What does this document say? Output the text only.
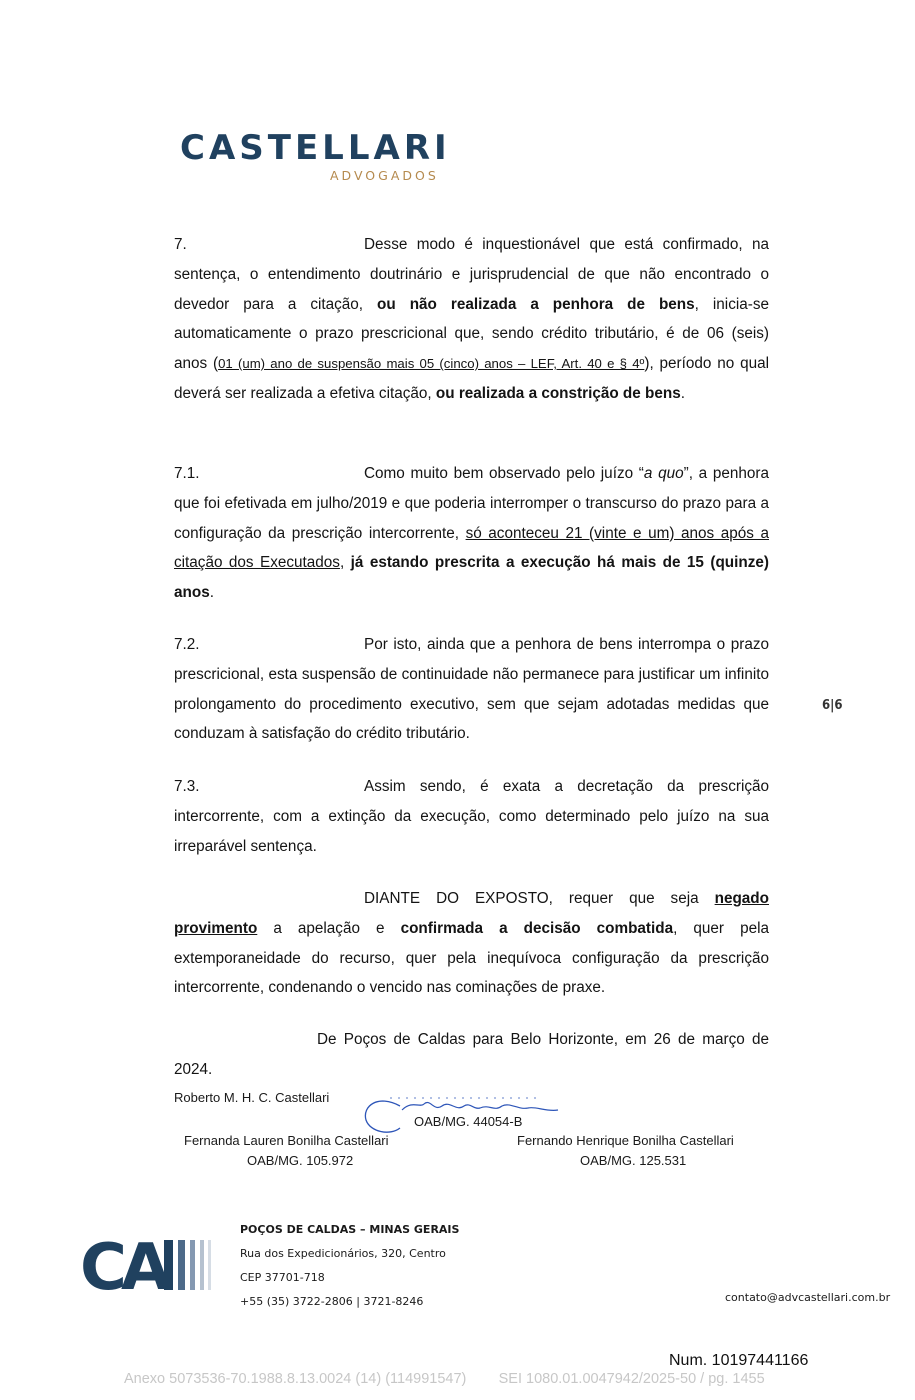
CASTELLARI
ADVOGADOS

7.	Desse modo é inquestionável que está confirmado, na sentença, o entendimento doutrinário e jurisprudencial de que não encontrado o devedor para a citação, ou não realizada a penhora de bens, inicia-se automaticamente o prazo prescricional que, sendo crédito tributário, é de 06 (seis) anos (01 (um) ano de suspensão mais 05 (cinco) anos – LEF, Art. 40 e § 4º), período no qual deverá ser realizada a efetiva citação, ou realizada a constrição de bens.

7.1.	Como muito bem observado pelo juízo “a quo”, a penhora que foi efetivada em julho/2019 e que poderia interromper o transcurso do prazo para a configuração da prescrição intercorrente, só aconteceu 21 (vinte e um) anos após a citação dos Executados, já estando prescrita a execução há mais de 15 (quinze) anos.

7.2.	Por isto, ainda que a penhora de bens interrompa o prazo prescricional, esta suspensão de continuidade não permanece para justificar um infinito prolongamento do procedimento executivo, sem que sejam adotadas medidas que conduzam à satisfação do crédito tributário.

7.3.	Assim sendo, é exata a decretação da prescrição intercorrente, com a extinção da execução, como determinado pelo juízo na sua irreparável sentença.

DIANTE DO EXPOSTO, requer que seja negado provimento a apelação e confirmada a decisão combatida, quer pela extemporaneidade do recurso, quer pela inequívoca configuração da prescrição intercorrente, condenando o vencido nas cominações de praxe.

De Poços de Caldas para Belo Horizonte, em 26 de março de 2024.

6|6
Roberto M. H. C. Castellari
OAB/MG. 44054-B
Fernanda Lauren Bonilha Castellari
OAB/MG. 105.972
Fernando Henrique Bonilha Castellari
OAB/MG. 125.531
CA
POÇOS DE CALDAS – MINAS GERAIS
Rua dos Expedicionários, 320, Centro
CEP 37701-718
+55 (35) 3722-2806 | 3721-8246	contato@advcastellari.com.br
Num. 10197441166
Anexo 5073536-70.1988.8.13.0024 (14) (114991547)        SEI 1080.01.0047942/2025-50 / pg. 1455
